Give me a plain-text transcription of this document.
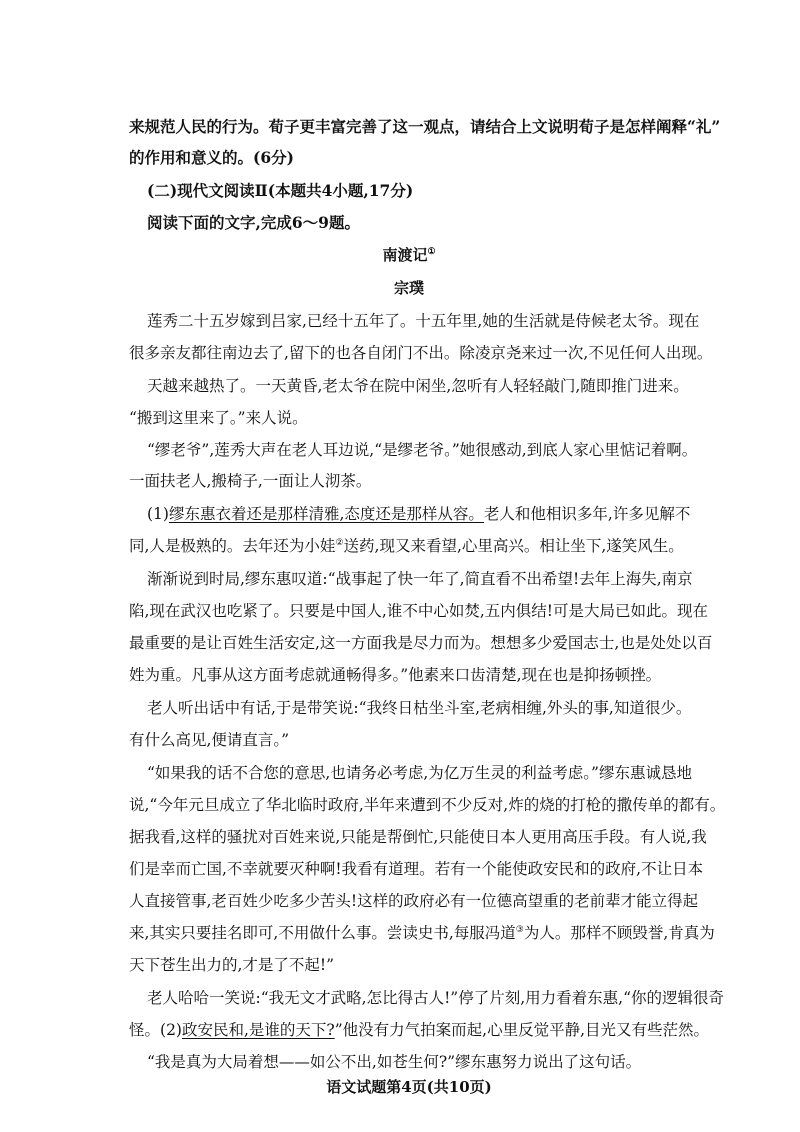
来规范人民的行为。荀子更丰富完善了这一观点，请结合上文说明荀子是怎样阐释“礼”
的作用和意义的。(6分)
(二)现代文阅读Ⅱ(本题共4小题,17分)
阅读下面的文字,完成6～9题。
南渡记①
宗璞
莲秀二十五岁嫁到吕家,已经十五年了。十五年里,她的生活就是侍候老太爷。现在
很多亲友都往南边去了,留下的也各自闭门不出。除凌京尧来过一次,不见任何人出现。
天越来越热了。一天黄昏,老太爷在院中闲坐,忽听有人轻轻敲门,随即推门进来。
“搬到这里来了。”来人说。
“缪老爷”,莲秀大声在老人耳边说,“是缪老爷。”她很感动,到底人家心里惦记着啊。
一面扶老人,搬椅子,一面让人沏茶。
(1)缪东惠衣着还是那样清雅,态度还是那样从容。老人和他相识多年,许多见解不
同,人是极熟的。去年还为小娃②送药,现又来看望,心里高兴。相让坐下,遂笑风生。
渐渐说到时局,缪东惠叹道:“战事起了快一年了,简直看不出希望!去年上海失,南京
陷,现在武汉也吃紧了。只要是中国人,谁不中心如焚,五内俱结!可是大局已如此。现在
最重要的是让百姓生活安定,这一方面我是尽力而为。想想多少爱国志士,也是处处以百
姓为重。凡事从这方面考虑就通畅得多。”他素来口齿清楚,现在也是抑扬顿挫。
老人听出话中有话,于是带笑说:“我终日枯坐斗室,老病相缠,外头的事,知道很少。
有什么高见,便请直言。”
“如果我的话不合您的意思,也请务必考虑,为亿万生灵的利益考虑。”缪东惠诚恳地
说,“今年元旦成立了华北临时政府,半年来遭到不少反对,炸的烧的打枪的撒传单的都有。
据我看,这样的骚扰对百姓来说,只能是帮倒忙,只能使日本人更用高压手段。有人说,我
们是幸而亡国,不幸就要灭种啊!我看有道理。若有一个能使政安民和的政府,不让日本
人直接管事,老百姓少吃多少苦头!这样的政府必有一位德高望重的老前辈才能立得起
来,其实只要挂名即可,不用做什么事。尝读史书,每服冯道③为人。那样不顾毁誉,肯真为
天下苍生出力的,才是了不起!”
老人哈哈一笑说:“我无文才武略,怎比得古人!”停了片刻,用力看着东惠,“你的逻辑很奇
怪。(2)政安民和,是谁的天下?”他没有力气拍案而起,心里反觉平静,目光又有些茫然。
“我是真为大局着想——如公不出,如苍生何?”缪东惠努力说出了这句话。
语文试题第4页(共10页)
